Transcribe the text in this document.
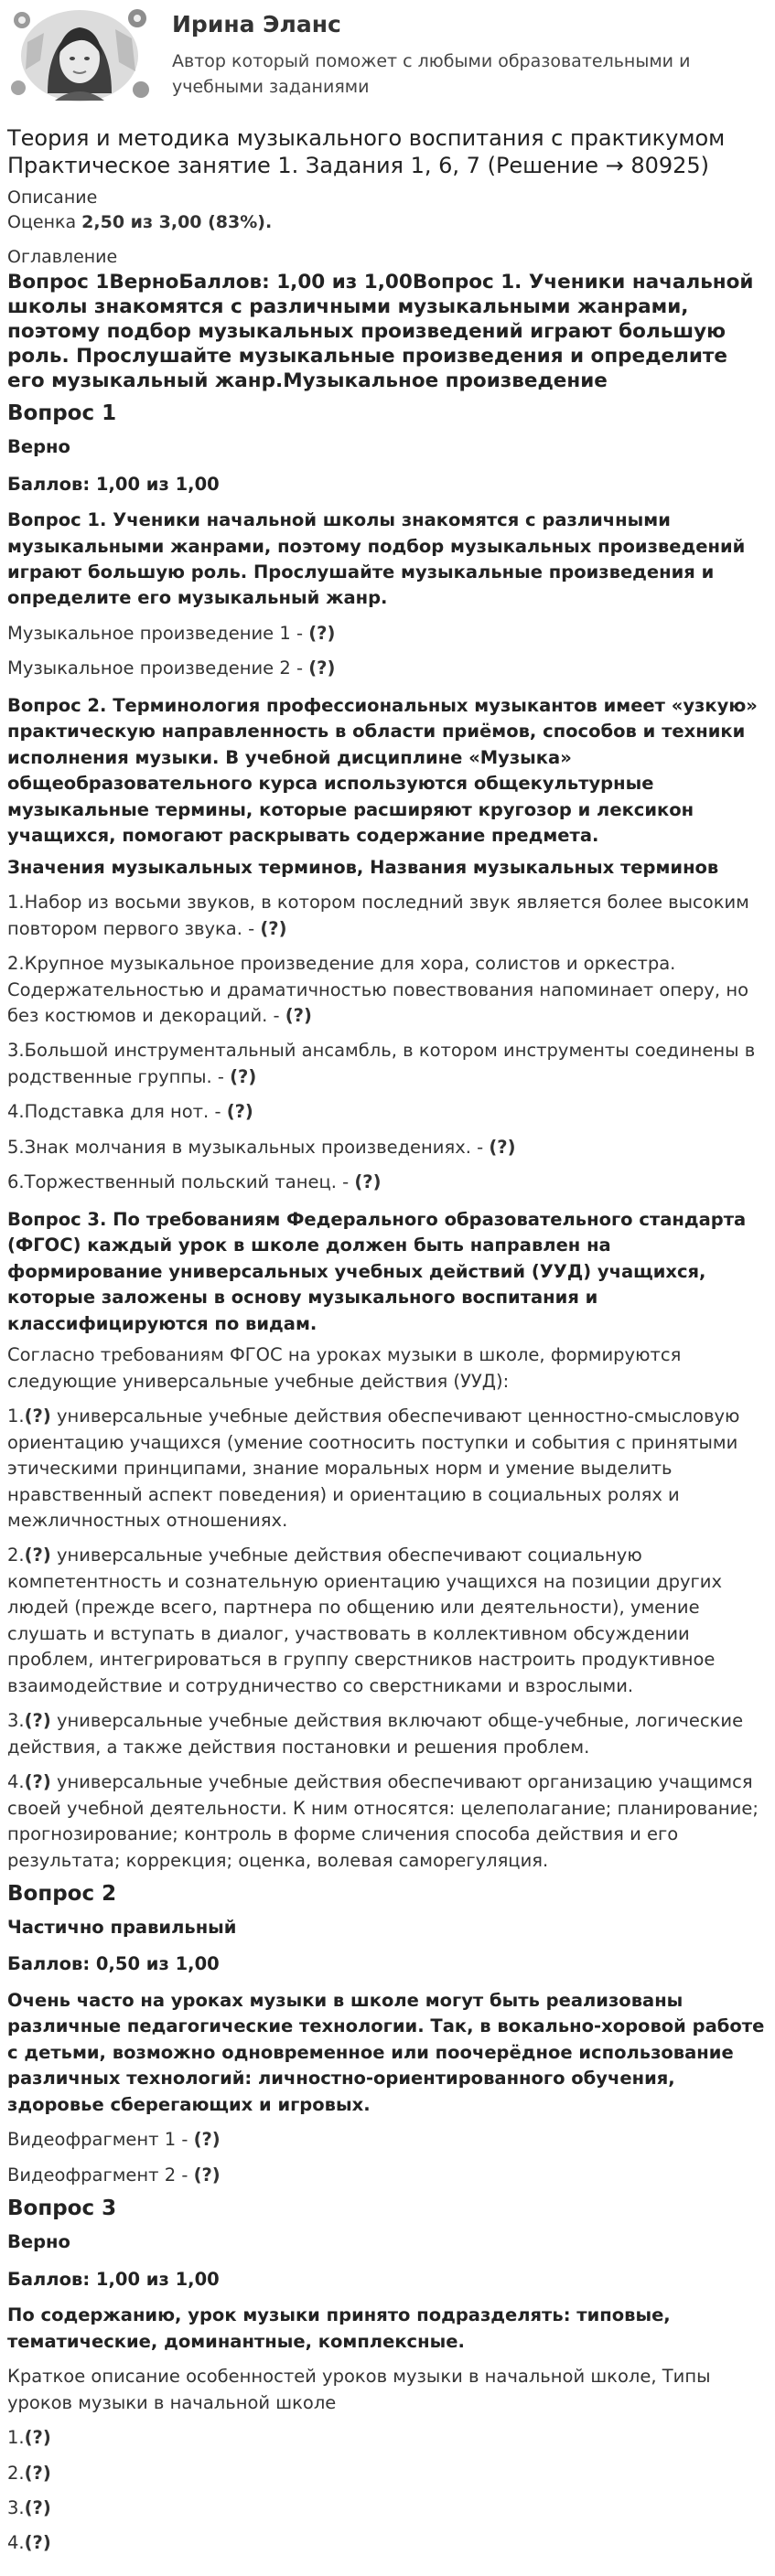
Ирина Эланс
Автор который поможет с любыми образовательными и учебными заданиями
Теория и методика музыкального воспитания с практикумом Практическое занятие 1. Задания 1, 6, 7 (Решение → 80925)
Описание
Оценка 2,50 из 3,00 (83%).
Оглавление
Вопрос 1ВерноБаллов: 1,00 из 1,00Вопрос 1. Ученики начальной школы знакомятся с различными музыкальными жанрами, поэтому подбор музыкальных произведений играют большую роль. Прослушайте музыкальные произведения и определите его музыкальный жанр.Музыкальное произведение
Вопрос 1
Верно
Баллов: 1,00 из 1,00

Вопрос 1. Ученики начальной школы знакомятся с различными музыкальными жанрами, поэтому подбор музыкальных произведений играют большую роль. Прослушайте музыкальные произведения и определите его музыкальный жанр.

Музыкальное произведение 1 - (?)

Музыкальное произведение 2 - (?)

Вопрос 2. Терминология профессиональных музыкантов имеет «узкую» практическую направленность в области приёмов, способов и техники исполнения музыки. В учебной дисциплине «Музыка» общеобразовательного курса используются общекультурные музыкальные термины, которые расширяют кругозор и лексикон учащихся, помогают раскрывать содержание предмета.

Значения музыкальных терминов, Названия музыкальных терминов

1.Набор из восьми звуков, в котором последний звук является более высоким повтором первого звука. - (?)

2.Крупное музыкальное произведение для хора, солистов и оркестра. Содержательностью и драматичностью повествования напоминает оперу, но без костюмов и декораций. - (?)

3.Большой инструментальный ансамбль, в котором инструменты соединены в родственные группы. - (?)

4.Подставка для нот. - (?)

5.Знак молчания в музыкальных произведениях. - (?)

6.Торжественный польский танец. - (?)

Вопрос 3. По требованиям Федерального образовательного стандарта (ФГОС) каждый урок в школе должен быть направлен на формирование универсальных учебных действий (УУД) учащихся, которые заложены в основу музыкального воспитания и классифицируются по видам.

Согласно требованиям ФГОС на уроках музыки в школе, формируются следующие универсальные учебные действия (УУД):

1.(?) универсальные учебные действия обеспечивают ценностно-смысловую ориентацию учащихся (умение соотносить поступки и события с принятыми этическими принципами, знание моральных норм и умение выделить нравственный аспект поведения) и ориентацию в социальных ролях и межличностных отношениях.

2.(?) универсальные учебные действия обеспечивают социальную компетентность и сознательную ориентацию учащихся на позиции других людей (прежде всего, партнера по общению или деятельности), умение слушать и вступать в диалог, участвовать в коллективном обсуждении проблем, интегрироваться в группу сверстников настроить продуктивное взаимодействие и сотрудничество со сверстниками и взрослыми.

3.(?) универсальные учебные действия включают обще-учебные, логические действия, а также действия постановки и решения проблем.

4.(?) универсальные учебные действия обеспечивают организацию учащимся своей учебной деятельности. К ним относятся: целеполагание; планирование; прогнозирование; контроль в форме сличения способа действия и его результата; коррекция; оценка, волевая саморегуляция.

Вопрос 2
Частично правильный
Баллов: 0,50 из 1,00

Очень часто на уроках музыки в школе могут быть реализованы различные педагогические технологии. Так, в вокально-хоровой работе с детьми, возможно одновременное или поочерёдное использование различных технологий: личностно-ориентированного обучения, здоровье сберегающих и игровых.

Видеофрагмент 1 - (?)

Видеофрагмент 2 - (?)

Вопрос 3
Верно
Баллов: 1,00 из 1,00

По содержанию, урок музыки принято подразделять: типовые, тематические, доминантные, комплексные.

Краткое описание особенностей уроков музыки в начальной школе, Типы уроков музыки в начальной школе

1.(?)

2.(?)

3.(?)

4.(?)
